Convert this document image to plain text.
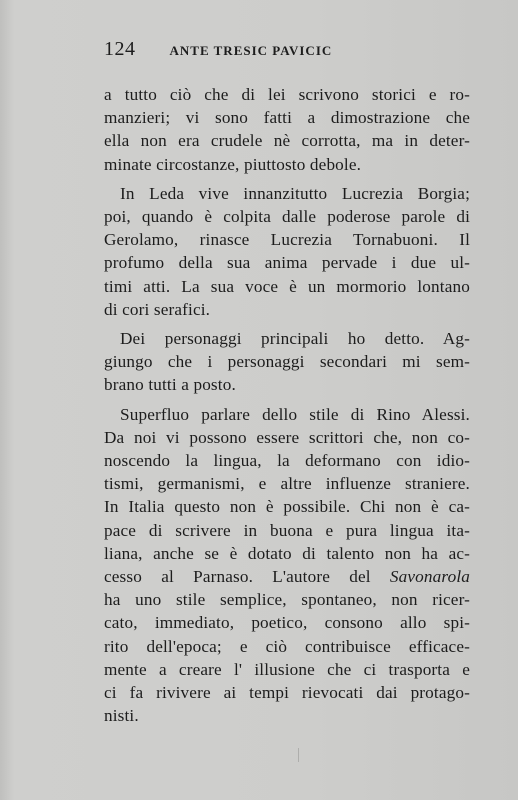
124	ANTE TRESIC PAVICIC

a tutto ciò che di lei scrivono storici e ro-
manzieri; vi sono fatti a dimostrazione che
ella non era crudele nè corrotta, ma in deter-
minate circostanze, piuttosto debole.

In Leda vive innanzitutto Lucrezia Borgia;
poi, quando è colpita dalle poderose parole di
Gerolamo, rinasce Lucrezia Tornabuoni. Il
profumo della sua anima pervade i due ul-
timi atti. La sua voce è un mormorio lontano
di cori serafici.

Dei personaggi principali ho detto. Ag-
giungo che i personaggi secondari mi sem-
brano tutti a posto.

Superfluo parlare dello stile di Rino Alessi.
Da noi vi possono essere scrittori che, non co-
noscendo la lingua, la deformano con idio-
tismi, germanismi, e altre influenze straniere.
In Italia questo non è possibile. Chi non è ca-
pace di scrivere in buona e pura lingua ita-
liana, anche se è dotato di talento non ha ac-
cesso al Parnaso. L'autore del Savonarola
ha uno stile semplice, spontaneo, non ricer-
cato, immediato, poetico, consono allo spi-
rito dell'epoca; e ciò contribuisce efficace-
mente a creare l' illusione che ci trasporta e
ci fa rivivere ai tempi rievocati dai protago-
nisti.
